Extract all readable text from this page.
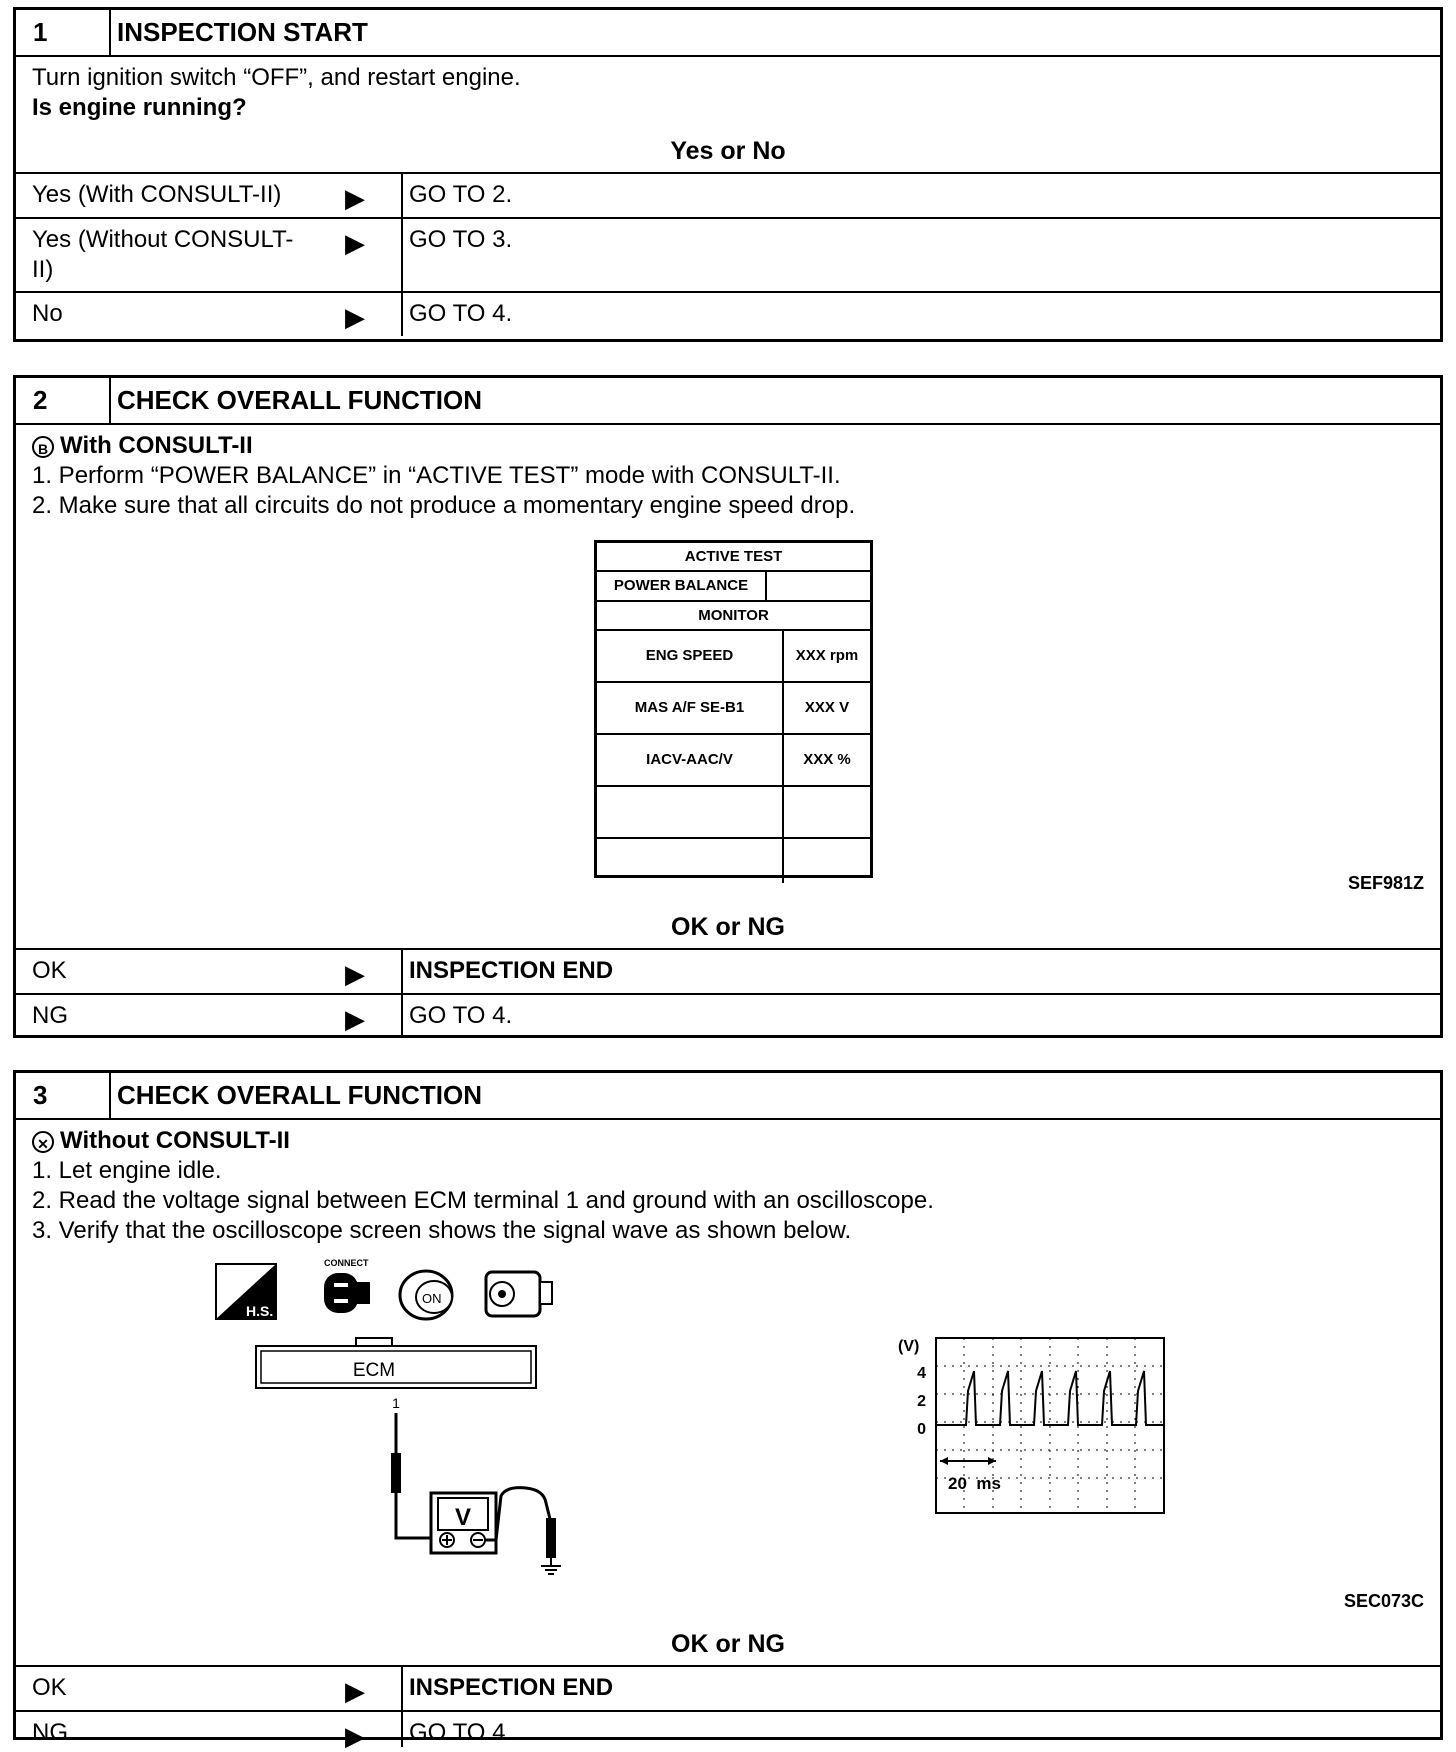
1	INSPECTION START
Turn ignition switch “OFF”, and restart engine.
Is engine running?
Yes or No
Yes (With CONSULT-II) ▶ GO TO 2.
Yes (Without CONSULT-II)
▶ GO TO 3.
No	▶ GO TO 4.
2	CHECK OVERALL FUNCTION
B With CONSULT-II
1. Perform “POWER BALANCE” in “ACTIVE TEST” mode with CONSULT-II.
2. Make sure that all circuits do not produce a momentary engine speed drop.
ACTIVE TEST
POWER BALANCE
MONITOR
ENG SPEED	XXX rpm
MAS A/F SE-B1	XXX V
IACV-AAC/V	XXX %
SEF981Z
OK or NG
OK	▶ INSPECTION END
NG	▶ GO TO 4.
3	CHECK OVERALL FUNCTION
✕ Without CONSULT-II
1. Let engine idle.
2. Read the voltage signal between ECM terminal 1 and ground with an oscilloscope.
3. Verify that the oscilloscope screen shows the signal wave as shown below.
H.S.
CONNECT
ON
ECM
1
V
(V)
4
2
0
20  ms
SEC073C
OK or NG
OK	▶ INSPECTION END
NG	▶ GO TO 4.
